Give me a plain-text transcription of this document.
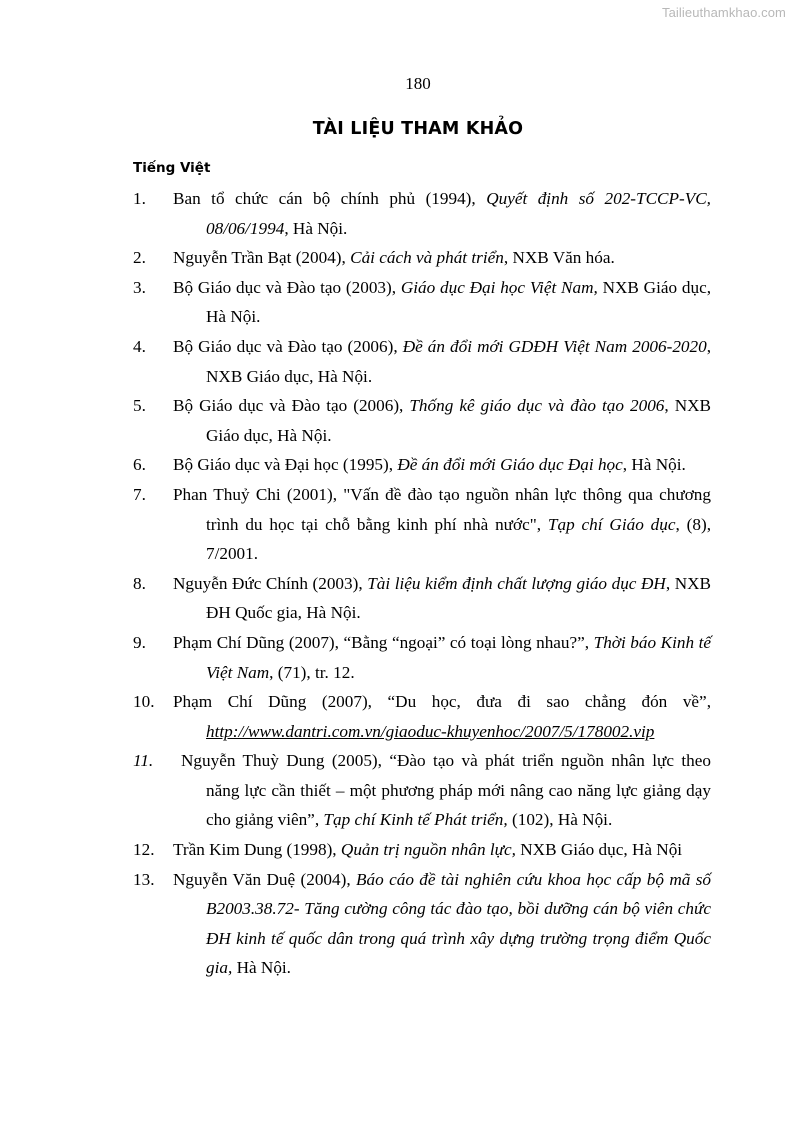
Tailieuthamkhao.com
180
TÀI LIỆU THAM KHẢO
Tiếng Việt
1. Ban tổ chức cán bộ chính phủ (1994), Quyết định số 202-TCCP-VC, 08/06/1994, Hà Nội.
2. Nguyễn Trần Bạt (2004), Cải cách và phát triển, NXB Văn hóa.
3. Bộ Giáo dục và Đào tạo (2003), Giáo dục Đại học Việt Nam, NXB Giáo dục, Hà Nội.
4. Bộ Giáo dục và Đào tạo (2006), Đề án đổi mới GDĐH Việt Nam 2006-2020, NXB Giáo dục, Hà Nội.
5. Bộ Giáo dục và Đào tạo (2006), Thống kê giáo dục và đào tạo 2006, NXB Giáo dục, Hà Nội.
6. Bộ Giáo dục và Đại học (1995), Đề án đổi mới Giáo dục Đại học, Hà Nội.
7. Phan Thuỷ Chi (2001), "Vấn đề đào tạo nguồn nhân lực thông qua chương trình du học tại chỗ bằng kinh phí nhà nước", Tạp chí Giáo dục, (8), 7/2001.
8. Nguyễn Đức Chính (2003), Tài liệu kiểm định chất lượng giáo dục ĐH, NXB ĐH Quốc gia, Hà Nội.
9. Phạm Chí Dũng (2007), “Bằng “ngoại” có toại lòng nhau?”, Thời báo Kinh tế Việt Nam, (71), tr. 12.
10. Phạm Chí Dũng (2007), “Du học, đưa đi sao chẳng đón về”, http://www.dantri.com.vn/giaoduc-khuyenhoc/2007/5/178002.vip
11. Nguyễn Thuỳ Dung (2005), “Đào tạo và phát triển nguồn nhân lực theo năng lực cần thiết – một phương pháp mới nâng cao năng lực giảng dạy cho giảng viên”, Tạp chí Kinh tế Phát triển, (102), Hà Nội.
12. Trần Kim Dung (1998), Quản trị nguồn nhân lực, NXB Giáo dục, Hà Nội
13. Nguyễn Văn Duệ (2004), Báo cáo đề tài nghiên cứu khoa học cấp bộ mã số B2003.38.72- Tăng cường công tác đào tạo, bồi dưỡng cán bộ viên chức ĐH kinh tế quốc dân trong quá trình xây dựng trường trọng điểm Quốc gia, Hà Nội.
